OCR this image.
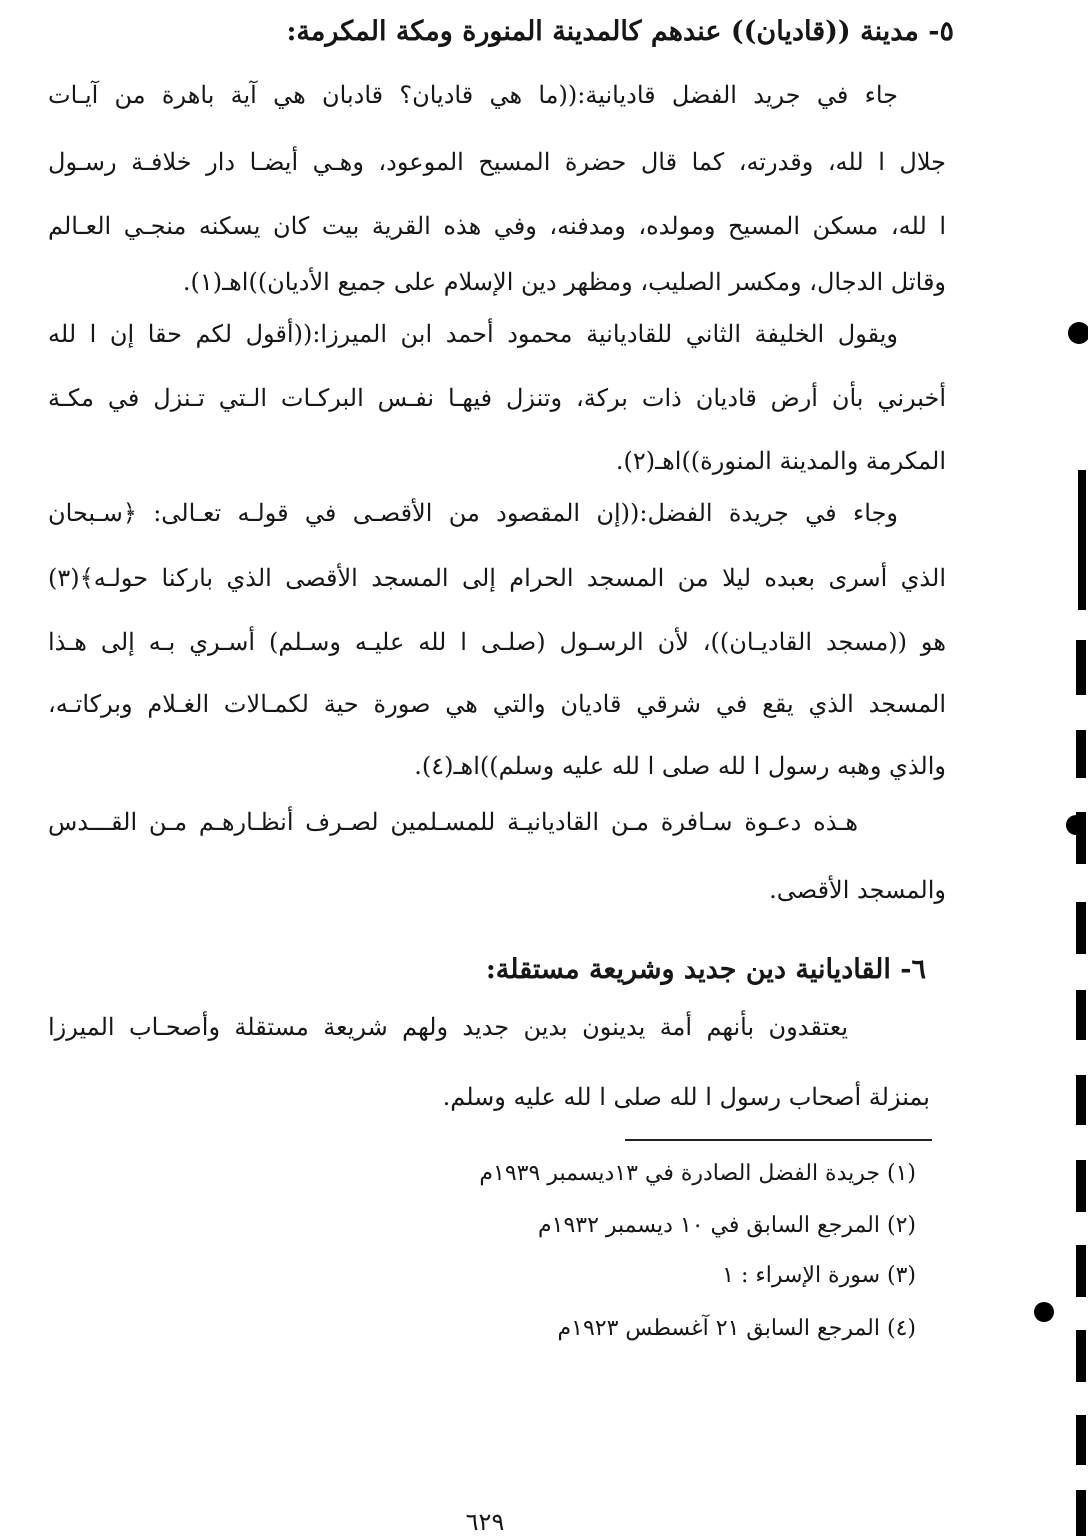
٥- مدينة ((قاديان)) عندهم كالمدينة المنورة ومكة المكرمة:
جاء في جريد الفضل قاديانية:((ما هي قاديان؟ قادبان هي آية باهرة من آيـات
جلال ا لله، وقدرته، كما قال حضرة المسيح الموعود، وهـي أيضـا دار خلافـة رسـول
ا لله، مسكن المسيح ومولده، ومدفنه، وفي هذه القرية بيت كان يسكنه منجـي العـالم
وقاتل الدجال، ومكسر الصليب، ومظهر دين الإسلام على جميع الأديان))اهـ(١).
ويقول الخليفة الثاني للقاديانية محمود أحمد ابن الميرزا:((أقول لكم حقا إن ا لله
أخبرني بأن أرض قاديان ذات بركة، وتنزل فيهـا نفـس البركـات الـتي تـنزل في مكـة
المكرمة والمدينة المنورة))اهـ(٢).
وجاء في جريدة الفضل:((إن المقصود من الأقصـى في قولـه تعـالى: ﴿سـبحان
الذي أسرى بعبده ليلا من المسجد الحرام إلى المسجد الأقصى الذي باركنا حولـه﴾(٣)
هو ((مسجد القاديـان))، لأن الرسـول (صلـى ا لله عليـه وسـلم) أسـري بـه إلى هـذا
المسجد الذي يقع في شرقي قاديان والتي هي صورة حية لكمـالات الغـلام وبركاتـه،
والذي وهبه رسول ا لله صلى ا لله عليه وسلم))اهـ(٤).
هـذه دعـوة سـافرة مـن القاديانيـة للمسـلمين لصـرف أنظـارهـم مـن القـــدس
والمسجد الأقصى.
٦- القاديانية دين جديد وشريعة مستقلة:
يعتقدون بأنهم أمة يدينون بدين جديد ولهم شريعة مستقلة وأصحـاب الميرزا
بمنزلة أصحاب رسول ا لله صلى ا لله عليه وسلم.
(١) جريدة الفضل الصادرة في ١٣ديسمبر ١٩٣٩م
(٢) المرجع السابق في ١٠ ديسمبر ١٩٣٢م
(٣) سورة الإسراء : ١
(٤) المرجع السابق ٢١ آغسطس ١٩٢٣م
٦٢٩
